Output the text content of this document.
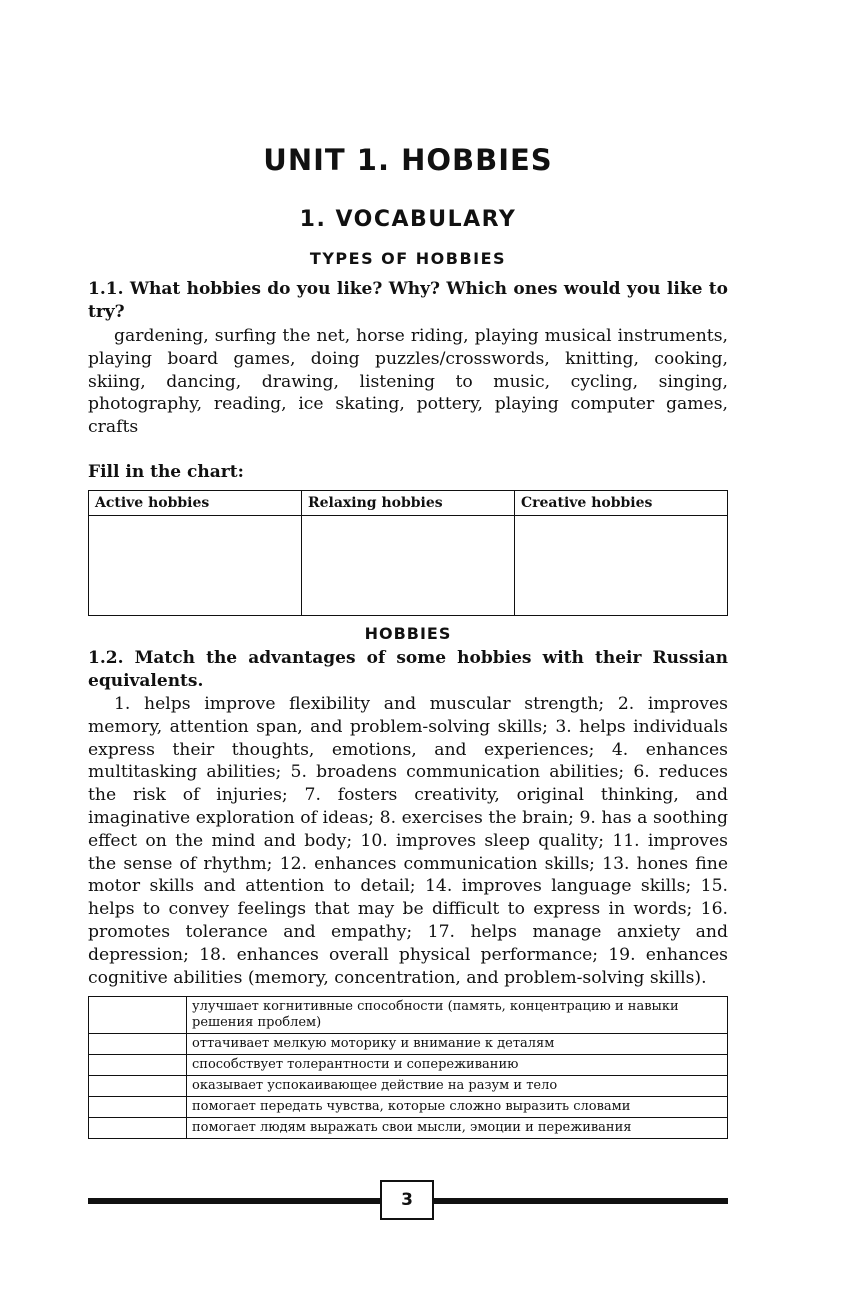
UNIT 1. HOBBIES
1. VOCABULARY
TYPES OF HOBBIES
1.1. What hobbies do you like? Why? Which ones would you like to try?
gardening, surfing the net, horse riding, playing musical instruments, playing board games, doing puzzles/crosswords, knitting, cooking, skiing, dancing, drawing, listening to music, cycling, singing, photography, reading, ice skating, pottery, playing computer games, crafts
Fill in the chart:
Active hobbies	Relaxing hobbies	Creative hobbies

HOBBIES
1.2. Match the advantages of some hobbies with their Russian equivalents.
1. helps improve flexibility and muscular strength; 2. improves memory, attention span, and problem-solving skills; 3. helps individuals express their thoughts, emotions, and experiences; 4. enhances multitasking abilities; 5. broadens communication abilities; 6. reduces the risk of injuries; 7. fosters creativity, original thinking, and imaginative exploration of ideas; 8. exercises the brain; 9. has a soothing effect on the mind and body; 10. improves sleep quality; 11. improves the sense of rhythm; 12. enhances communication skills; 13. hones fine motor skills and attention to detail; 14. improves language skills; 15. helps to convey feelings that may be difficult to express in words; 16. promotes tolerance and empathy; 17. helps manage anxiety and depression; 18. enhances overall physical performance; 19. enhances cognitive abilities (memory, concentration, and problem-solving skills).
	улучшает когнитивные способности (память, концентрацию и навыки решения проблем)
	оттачивает мелкую моторику и внимание к деталям
	способствует толерантности и сопереживанию
	оказывает успокаивающее действие на разум и тело
	помогает передать чувства, которые сложно выразить словами
	помогает людям выражать свои мысли, эмоции и переживания
3
